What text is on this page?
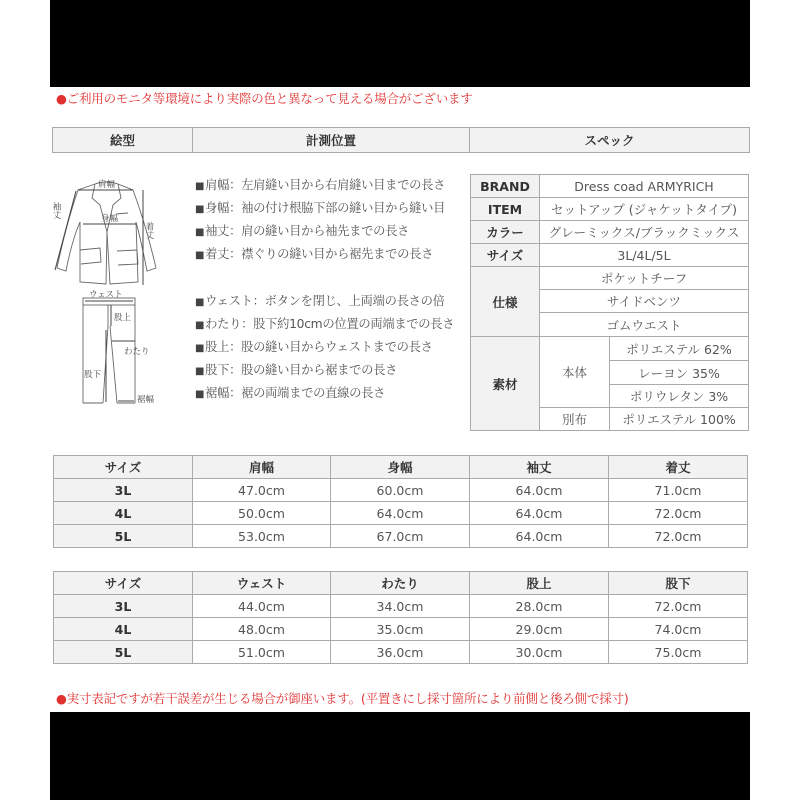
●ご利用のモニタ等環境により実際の色と異なって見える場合がございます
絵型	計測位置	スペック
肩幅
身幅
袖丈
着丈
ウェスト
股上
わたり
股下
裾幅
■肩幅：左肩縫い目から右肩縫い目までの長さ
■身幅：袖の付け根脇下部の縫い目から縫い目
■袖丈：肩の縫い目から袖先までの長さ
■着丈：襟ぐりの縫い目から裾先までの長さ
■ウェスト：ボタンを閉じ、上両端の長さの倍
■わたり：股下約10cmの位置の両端までの長さ
■股上：股の縫い目からウェストまでの長さ
■股下：股の縫い目から裾までの長さ
■裾幅：裾の両端までの直線の長さ
BRAND	Dress coad ARMYRICH	
ITEM	セットアップ (ジャケットタイプ)	
カラー	グレーミックス/ブラックミックス	
サイズ	3L/4L/5L	
仕様	ポケットチーフ	
	サイドベンツ	
	ゴムウエスト	
素材	本体	ポリエステル 62%
		レーヨン 35%
		ポリウレタン 3%
	別布	ポリエステル 100%
サイズ	肩幅	身幅	袖丈	着丈
3L	47.0cm	60.0cm	64.0cm	71.0cm
4L	50.0cm	64.0cm	64.0cm	72.0cm
5L	53.0cm	67.0cm	64.0cm	72.0cm
サイズ	ウェスト	わたり	股上	股下
3L	44.0cm	34.0cm	28.0cm	72.0cm
4L	48.0cm	35.0cm	29.0cm	74.0cm
5L	51.0cm	36.0cm	30.0cm	75.0cm
●実寸表記ですが若干誤差が生じる場合が御座います。(平置きにし採寸箇所により前側と後ろ側で採寸)
